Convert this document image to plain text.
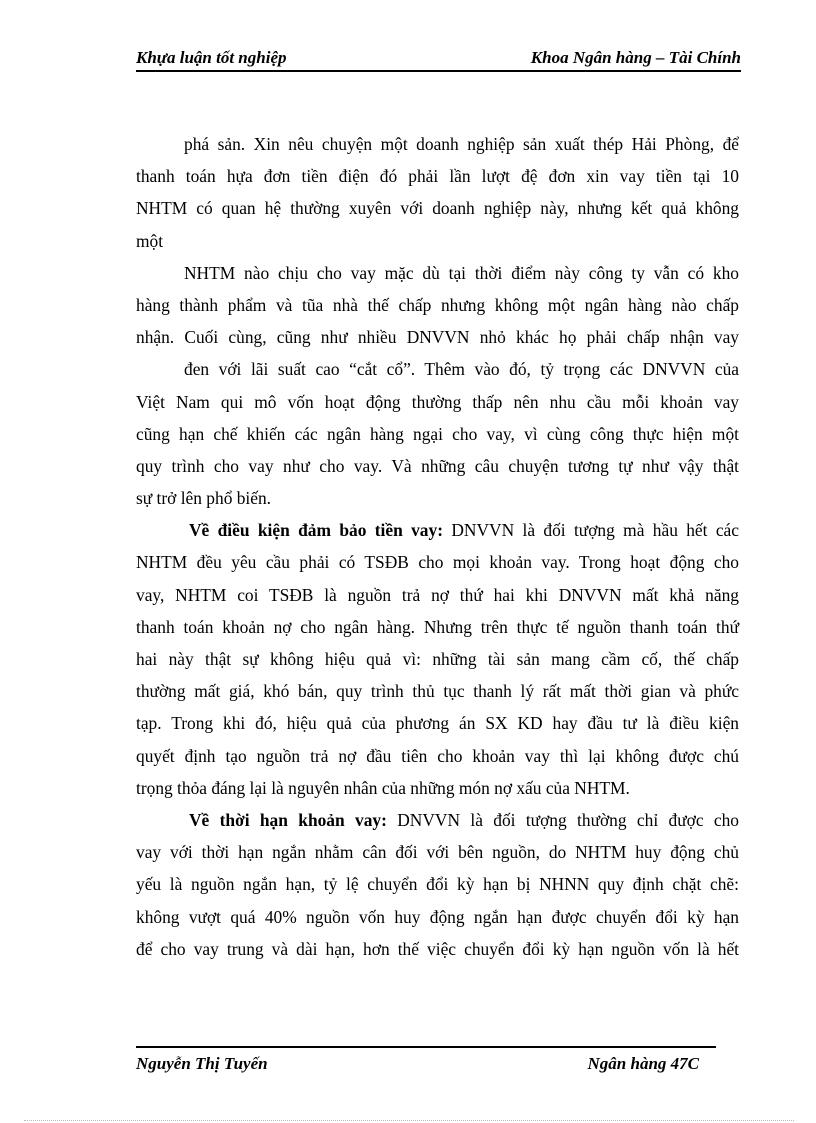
Khựa luận tốt nghiệp	Khoa Ngân hàng – Tài Chính
phá sản. Xin nêu chuyện một doanh nghiệp sản xuất thép Hải Phòng, để
thanh toán hựa đơn tiền điện đó phải lần lượt đệ đơn xin vay tiền tại 10
NHTM có quan hệ thường xuyên với doanh nghiệp này, nhưng kết quả không
một
NHTM nào chịu cho vay mặc dù tại thời điểm này công ty vẫn có kho
hàng thành phẩm và tũa nhà thế chấp nhưng không một ngân hàng nào chấp
nhận. Cuối cùng, cũng như nhiều DNVVN nhỏ khác họ phải chấp nhận vay
đen với lãi suất cao “cắt cổ”. Thêm vào đó, tỷ trọng các DNVVN của
Việt Nam qui mô vốn hoạt động thường thấp nên nhu cầu mỗi khoản vay
cũng hạn chế khiến các ngân hàng ngại cho vay, vì cùng công thực hiện một
quy trình cho vay như cho vay. Và những câu chuyện tương tự như vậy thật
sự trở lên phổ biến.
Về điều kiện đảm bảo tiền vay: DNVVN là đối tượng mà hầu hết các
NHTM đều yêu cầu phải có TSĐB cho mọi khoản vay. Trong hoạt động cho
vay, NHTM coi TSĐB là nguồn trả nợ thứ hai khi DNVVN mất khả năng
thanh toán khoản nợ cho ngân hàng. Nhưng trên thực tế nguồn thanh toán thứ
hai này thật sự không hiệu quả vì: những tài sản mang cầm cố, thế chấp
thường mất giá, khó bán, quy trình thủ tục thanh lý rất mất thời gian và phức
tạp. Trong khi đó, hiệu quả của phương án SX KD hay đầu tư là điều kiện
quyết định tạo nguồn trả nợ đầu tiên cho khoản vay thì lại không được chú
trọng thỏa đáng lại là nguyên nhân của những món nợ xấu của NHTM.
Về thời hạn khoản vay: DNVVN là đối tượng thường chỉ được cho
vay với thời hạn ngắn nhằm cân đối với bên nguồn, do NHTM huy động chủ
yếu là nguồn ngắn hạn, tỷ lệ chuyển đổi kỳ hạn bị NHNN quy định chặt chẽ:
không vượt quá 40% nguồn vốn huy động ngắn hạn được chuyển đổi kỳ hạn
để cho vay trung và dài hạn, hơn thế việc chuyển đổi kỳ hạn nguồn vốn là hết
Nguyễn Thị Tuyến	Ngân hàng 47C
